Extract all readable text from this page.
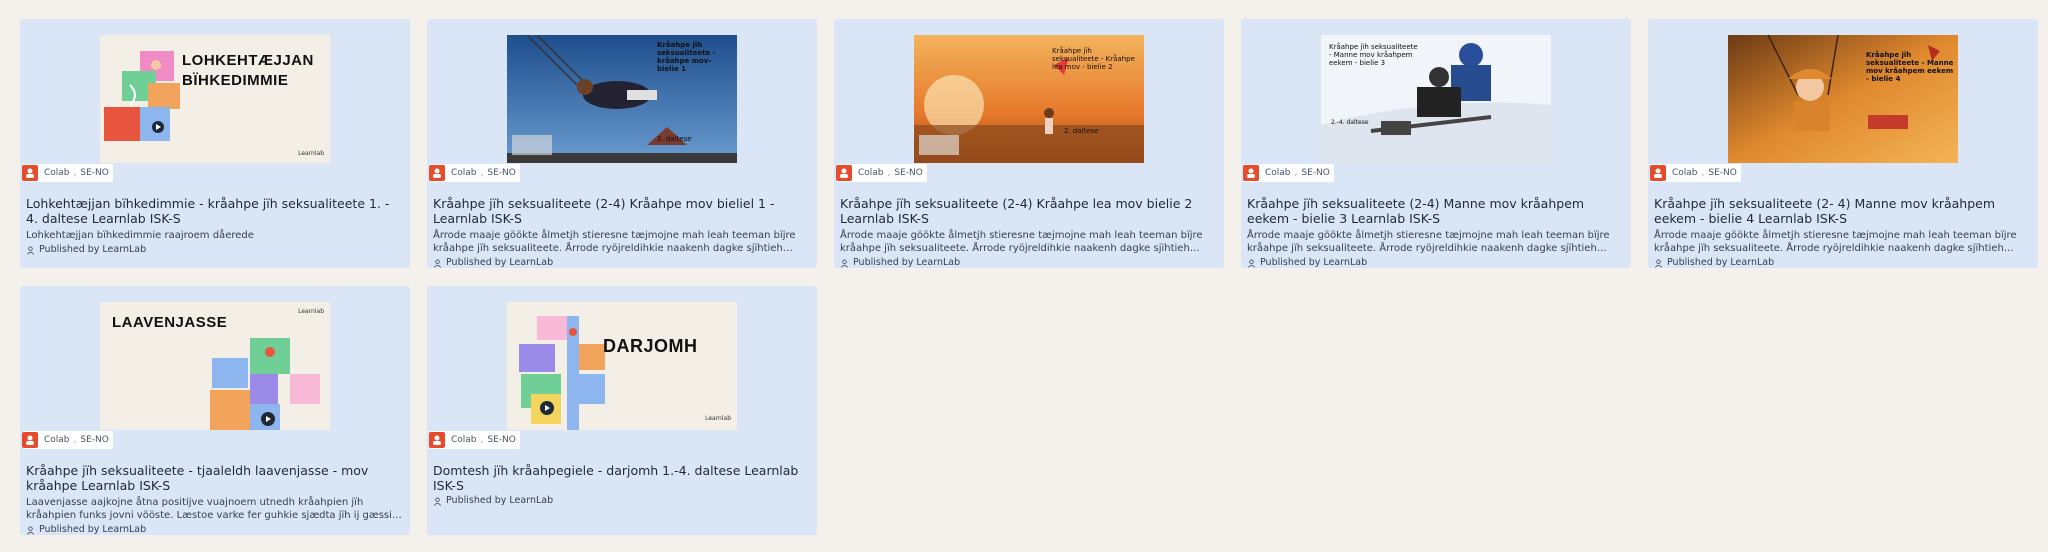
LOHKEHTÆJJAN
BÏHKEDIMMIE
Learnlab
Colab , SE-NO
Lohkehtæjjan bïhkedimmie - kråahpe jïh seksualiteete 1. - 4. daltese Learnlab ISK-S
Lohkehtæjjan bïhkedimmie raajroem dåerede
Published by LearnLab
Kråahpe jïh seksualiteete - kråahpe mov- bielie 1
2. daltese
Colab , SE-NO
Kråahpe jïh seksualiteete (2-4) Kråahpe mov bieliel 1 - Learnlab ISK-S
Årrode maaje göökte ålmetjh stieresne tæjmojne mah leah teeman bïjre kråahpe jïh seksualiteete. Årrode ryöjreldihkie naakenh dagke sjïhtieh
Published by LearnLab
Kråahpe jïh seksualiteete - Kråahpe lea mov - bielie 2
2. daltese
Colab , SE-NO
Kråahpe jïh seksualiteete (2-4) Kråahpe lea mov bielie 2 Learnlab ISK-S
Årrode maaje göökte ålmetjh stieresne tæjmojne mah leah teeman bïjre kråahpe jïh seksualiteete. Årrode ryöjreldihkie naakenh dagke sjïhtieh
Published by LearnLab
Kråahpe jïh seksualiteete - Manne mov kråahpem eekem - bielie 3
2.-4. daltese
Colab , SE-NO
Kråahpe jïh seksualiteete (2-4) Manne mov kråahpem eekem - bielie 3 Learnlab ISK-S
Årrode maaje göökte ålmetjh stieresne tæjmojne mah leah teeman bïjre kråahpe jïh seksualiteete. Årrode ryöjreldihkie naakenh dagke sjïhtieh
Published by LearnLab
Kråahpe jïh seksualiteete - Manne mov kråahpem eekem - bielie 4
Colab , SE-NO
Kråahpe jïh seksualiteete (2- 4) Manne mov kråahpem eekem - bielie 4 Learnlab ISK-S
Årrode maaje göökte ålmetjh stieresne tæjmojne mah leah teeman bïjre kråahpe jïh seksualiteete. Årrode ryöjreldihkie naakenh dagke sjïhtieh
Published by LearnLab
LAAVENJASSE
Learnlab
Colab , SE-NO
Kråahpe jïh seksualiteete - tjaaleldh laavenjasse - mov kråahpe Learnlab ISK-S
Laavenjasse aajkojne åtna positijve vuajnoem utnedh kråahpien jïh kråahpien funks jovni vööste. Læstoe varke fer guhkie sjædta jïh ij gæssie
Published by LearnLab
DARJOMH
Learnlab
Colab , SE-NO
Domtesh jïh kråahpegiele - darjomh 1.-4. daltese Learnlab ISK-S
Published by LearnLab
